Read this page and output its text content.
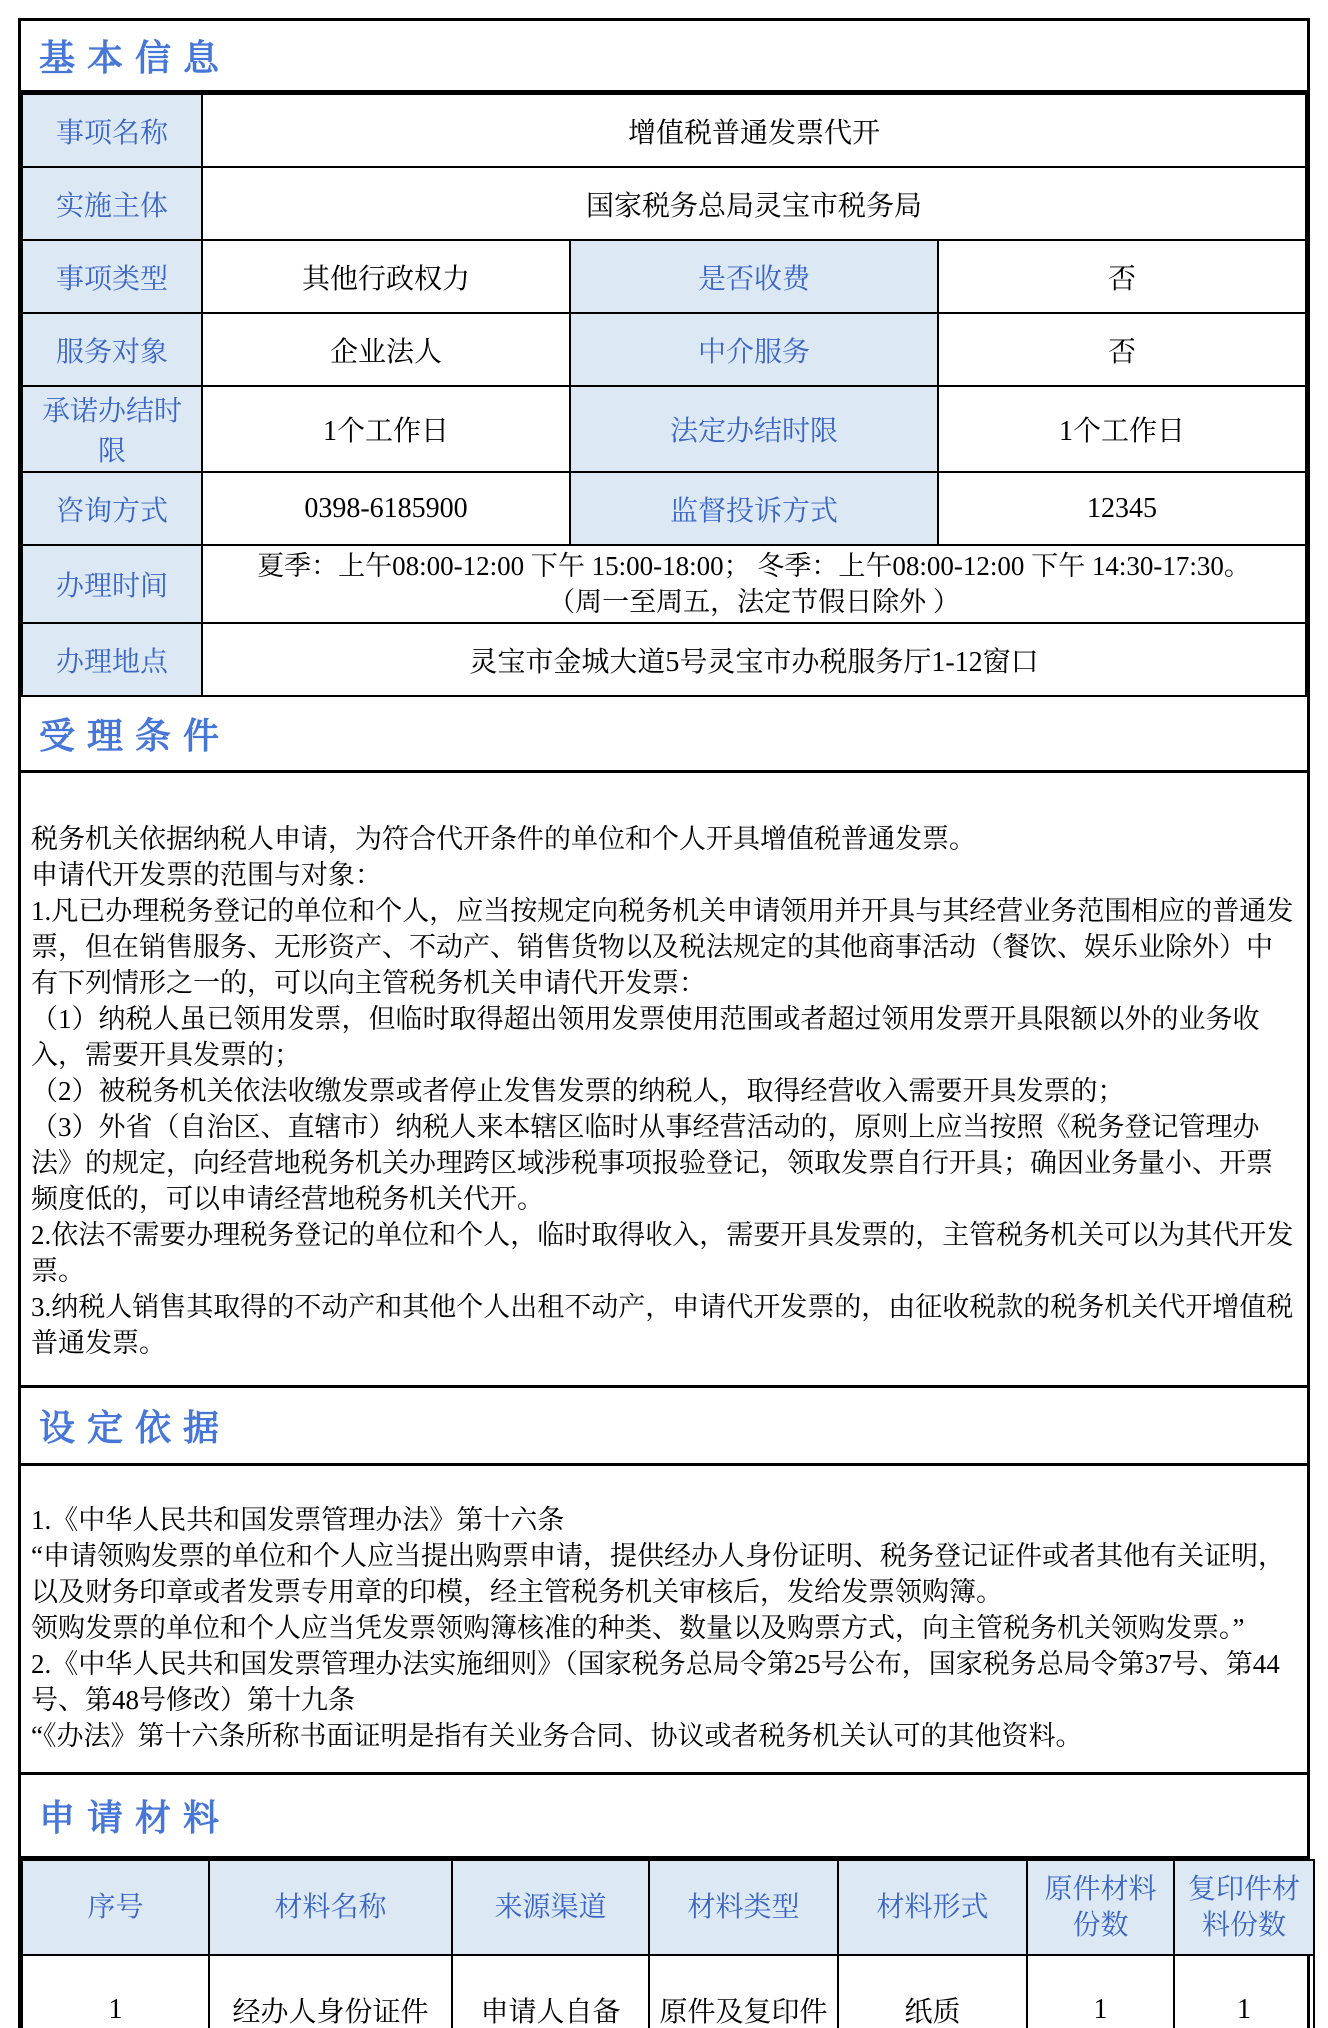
基本信息
事项名称	增值税普通发票代开		
实施主体	国家税务总局灵宝市税务局		
事项类型	其他行政权力	是否收费	否
服务对象	企业法人	中介服务	否
承诺办结时限	1个工作日	法定办结时限	1个工作日
咨询方式	0398-6185900	监督投诉方式	12345
办理时间	夏季：上午08:00-12:00 下午 15:00-18:00； 冬季：上午08:00-12:00 下午 14:30-17:30。
（周一至周五，法定节假日除外 ）		

办理地点	灵宝市金城大道5号灵宝市办税服务厅1-12窗口		
受理条件

税务机关依据纳税人申请，为符合代开条件的单位和个人开具增值税普通发票。

申请代开发票的范围与对象：

1.凡已办理税务登记的单位和个人，应当按规定向税务机关申请领用并开具与其经营业务范围相应的普通发票，但在销售服务、无形资产、不动产、销售货物以及税法规定的其他商事活动（餐饮、娱乐业除外）中有下列情形之一的，可以向主管税务机关申请代开发票：

（1）纳税人虽已领用发票，但临时取得超出领用发票使用范围或者超过领用发票开具限额以外的业务收入，需要开具发票的；

（2）被税务机关依法收缴发票或者停止发售发票的纳税人，取得经营收入需要开具发票的；

（3）外省（自治区、直辖市）纳税人来本辖区临时从事经营活动的，原则上应当按照《税务登记管理办法》的规定，向经营地税务机关办理跨区域涉税事项报验登记，领取发票自行开具；确因业务量小、开票频度低的，可以申请经营地税务机关代开。

2.依法不需要办理税务登记的单位和个人，临时取得收入，需要开具发票的，主管税务机关可以为其代开发票。

3.纳税人销售其取得的不动产和其他个人出租不动产，申请代开发票的，由征收税款的税务机关代开增值税普通发票。

设定依据

1.《中华人民共和国发票管理办法》第十六条

“申请领购发票的单位和个人应当提出购票申请，提供经办人身份证明、税务登记证件或者其他有关证明，以及财务印章或者发票专用章的印模，经主管税务机关审核后，发给发票领购簿。

领购发票的单位和个人应当凭发票领购簿核准的种类、数量以及购票方式，向主管税务机关领购发票。”

2.《中华人民共和国发票管理办法实施细则》（国家税务总局令第25号公布，国家税务总局令第37号、第44号、第48号修改）第十九条

“《办法》第十六条所称书面证明是指有关业务合同、协议或者税务机关认可的其他资料。

申请材料
序号	材料名称	来源渠道	材料类型	材料形式	原件材料份数	复印件材料份数
1	经办人身份证件	申请人自备	原件及复印件	纸质	1	1
